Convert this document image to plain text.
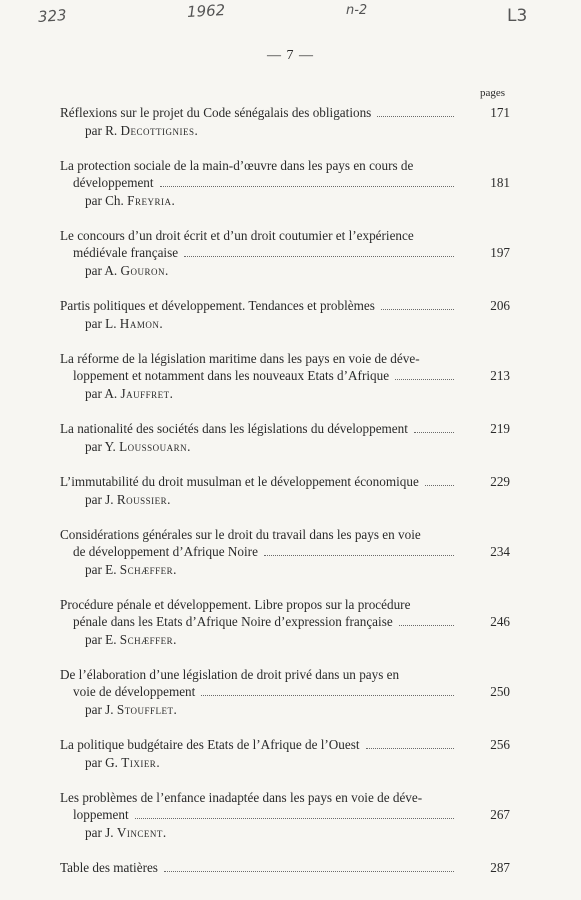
323	1962	n-2	L3
— 7 —
pages
Réflexions sur le projet du Code sénégalais des obligations	171
par R. Decottignies.
La protection sociale de la main-d’œuvre dans les pays en cours de
développement	181
par Ch. Freyria.
Le concours d’un droit écrit et d’un droit coutumier et l’expérience
médiévale française	197
par A. Gouron.
Partis politiques et développement. Tendances et problèmes	206
par L. Hamon.
La réforme de la législation maritime dans les pays en voie de déve-
loppement et notamment dans les nouveaux Etats d’Afrique	213
par A. Jauffret.
La nationalité des sociétés dans les législations du développement	219
par Y. Loussouarn.
L’immutabilité du droit musulman et le développement économique	229
par J. Roussier.
Considérations générales sur le droit du travail dans les pays en voie
de développement d’Afrique Noire	234
par E. Schæffer.
Procédure pénale et développement. Libre propos sur la procédure
pénale dans les Etats d’Afrique Noire d’expression française	246
par E. Schæffer.
De l’élaboration d’une législation de droit privé dans un pays en
voie de développement	250
par J. Stoufflet.
La politique budgétaire des Etats de l’Afrique de l’Ouest	256
par G. Tixier.
Les problèmes de l’enfance inadaptée dans les pays en voie de déve-
loppement	267
par J. Vincent.
Table des matières	287
